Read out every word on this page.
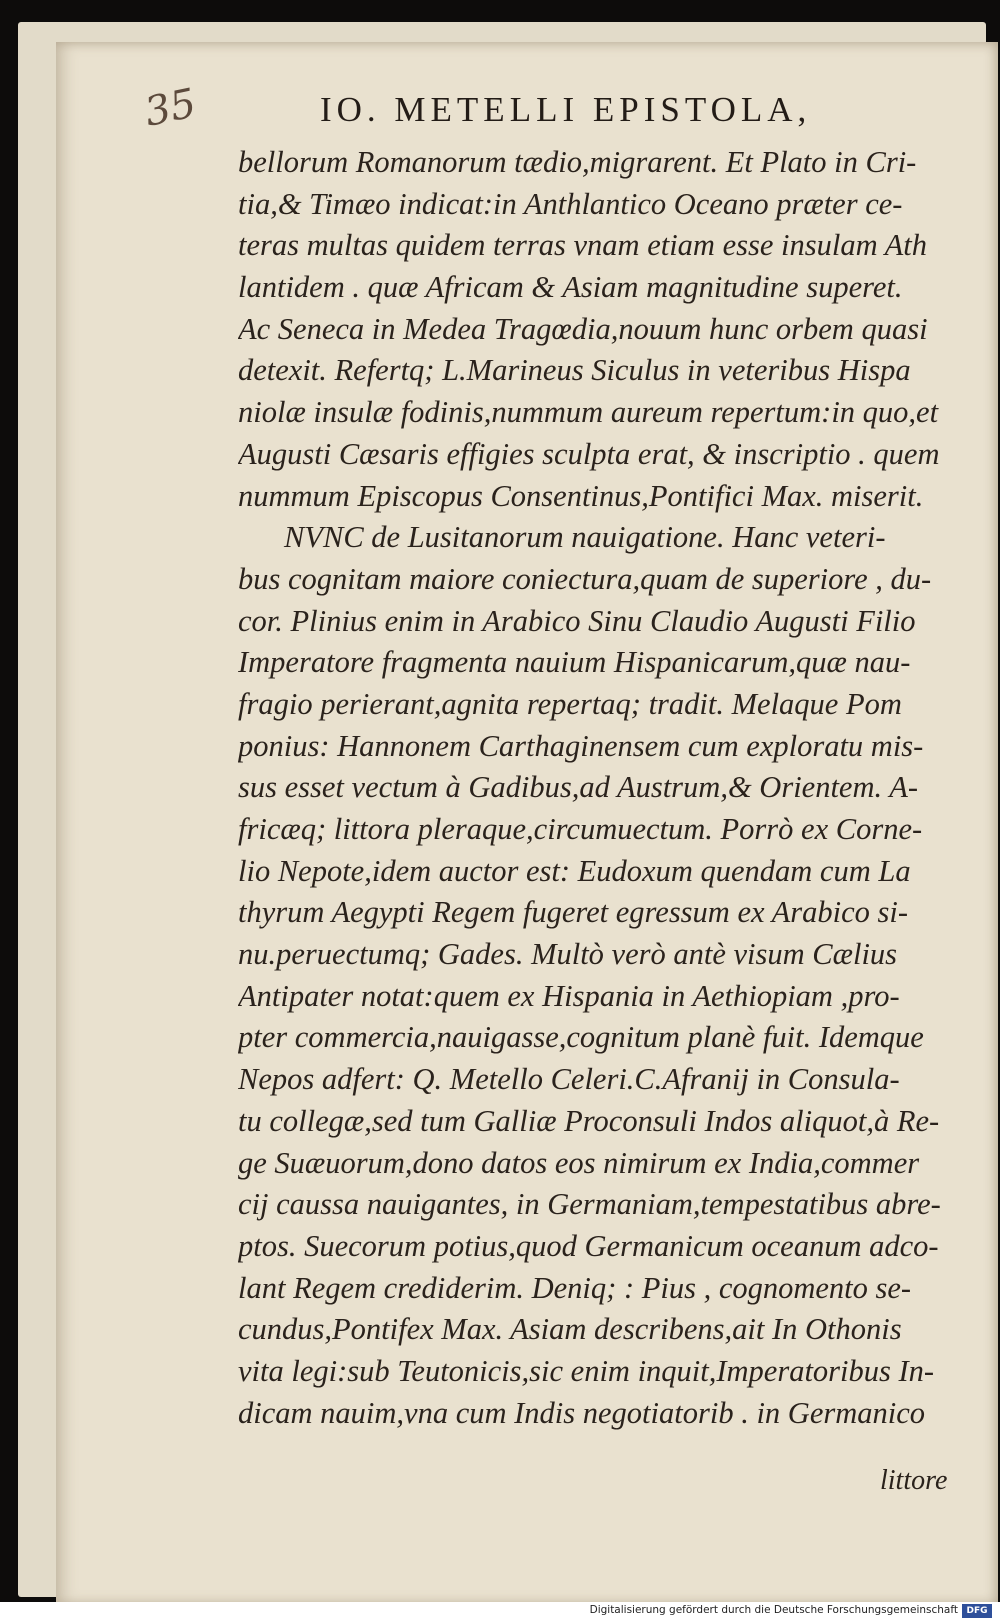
35	IO. METELLI EPISTOLA,
bellorum Romanorum tædio,migrarent. Et Plato in Cri-
tia,& Timæo indicat:in Anthlantico Oceano præter ce-
teras multas quidem terras vnam etiam esse insulam Ath
lantidem . quæ Africam & Asiam magnitudine superet.
Ac Seneca in Medea Tragœdia,nouum hunc orbem quasi
detexit. Refertq; L.Marineus Siculus in veteribus Hispa
niolæ insulæ fodinis,nummum aureum repertum:in quo,et
Augusti Cæsaris effigies sculpta erat, & inscriptio . quem
nummum Episcopus Consentinus,Pontifici Max. miserit.
NVNC de Lusitanorum nauigatione. Hanc veteri-
bus cognitam maiore coniectura,quam de superiore , du-
cor. Plinius enim in Arabico Sinu Claudio Augusti Filio
Imperatore fragmenta nauium Hispanicarum,quæ nau-
fragio perierant,agnita repertaq; tradit. Melaque Pom
ponius: Hannonem Carthaginensem cum exploratu mis-
sus esset vectum à Gadibus,ad Austrum,& Orientem. A-
fricæq; littora pleraque,circumuectum. Porrò ex Corne-
lio Nepote,idem auctor est: Eudoxum quendam cum La
thyrum Aegypti Regem fugeret egressum ex Arabico si-
nu.peruectumq; Gades. Multò verò antè visum Cælius
Antipater notat:quem ex Hispania in Aethiopiam ,pro-
pter commercia,nauigasse,cognitum planè fuit. Idemque
Nepos adfert: Q. Metello Celeri.C.Afranij in Consula-
tu collegæ,sed tum Galliæ Proconsuli Indos aliquot,à Re-
ge Suæuorum,dono datos eos nimirum ex India,commer
cij caussa nauigantes, in Germaniam,tempestatibus abre-
ptos. Suecorum potius,quod Germanicum oceanum adco-
lant Regem crediderim. Deniq; : Pius , cognomento se-
cundus,Pontifex Max. Asiam describens,ait In Othonis
vita legi:sub Teutonicis,sic enim inquit,Imperatoribus In-
dicam nauim,vna cum Indis negotiatorib . in Germanico
littore
Digitalisierung gefördert durch die Deutsche Forschungsgemeinschaft DFG
